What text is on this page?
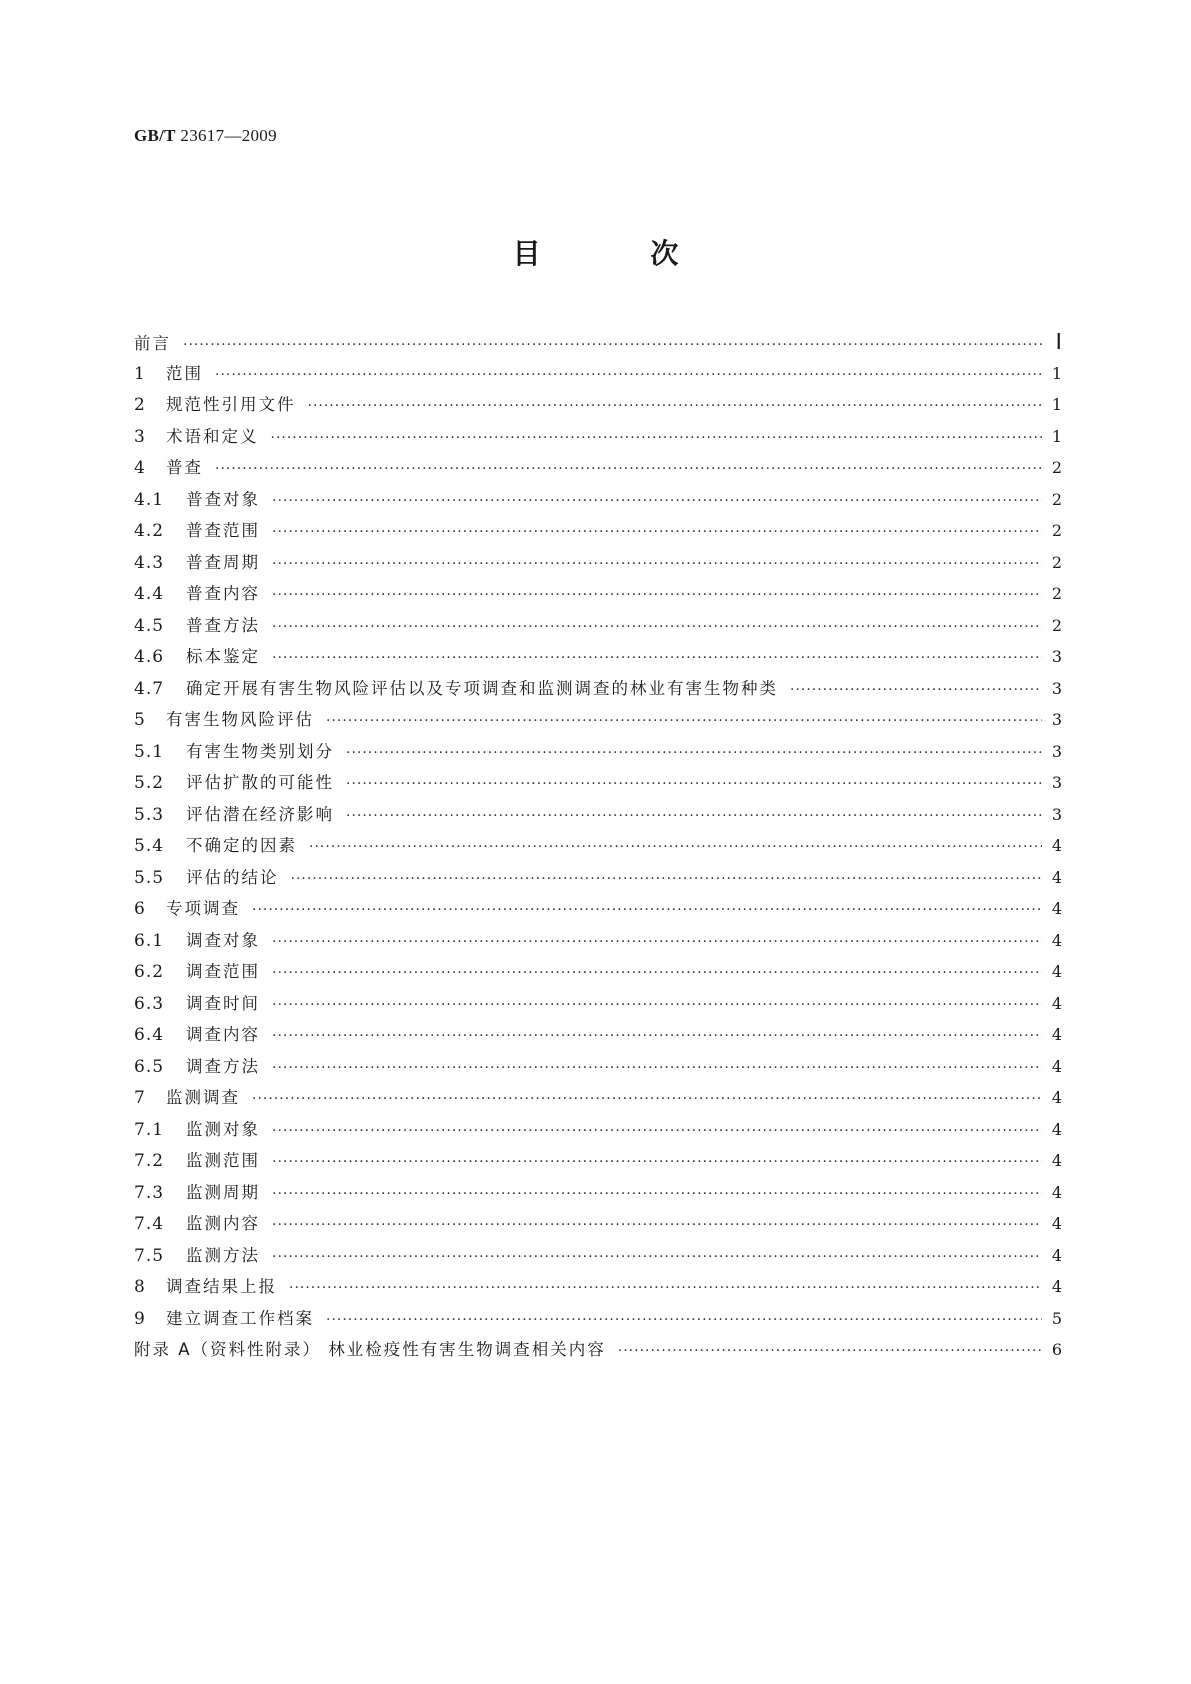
GB/T 23617—2009
目 次
前言 ·····	Ⅰ
1	范围 ·····	1
2	规范性引用文件 ·····	1
3	术语和定义 ·····	1
4	普查 ·····	2
4.1	普查对象 ·····	2
4.2	普查范围 ·····	2
4.3	普查周期 ·····	2
4.4	普查内容 ·····	2
4.5	普查方法 ·····	2
4.6	标本鉴定 ·····	3
4.7	确定开展有害生物风险评估以及专项调查和监测调查的林业有害生物种类 ·····	3
5	有害生物风险评估 ·····	3
5.1	有害生物类别划分 ·····	3
5.2	评估扩散的可能性 ·····	3
5.3	评估潜在经济影响 ·····	3
5.4	不确定的因素 ·····	4
5.5	评估的结论 ·····	4
6	专项调查 ·····	4
6.1	调查对象 ·····	4
6.2	调查范围 ·····	4
6.3	调查时间 ·····	4
6.4	调查内容 ·····	4
6.5	调查方法 ·····	4
7	监测调查 ·····	4
7.1	监测对象 ·····	4
7.2	监测范围 ·····	4
7.3	监测周期 ·····	4
7.4	监测内容 ·····	4
7.5	监测方法 ·····	4
8	调查结果上报 ·····	4
9	建立调查工作档案 ·····	5
附录 A（资料性附录） 林业检疫性有害生物调查相关内容 ·····	6
